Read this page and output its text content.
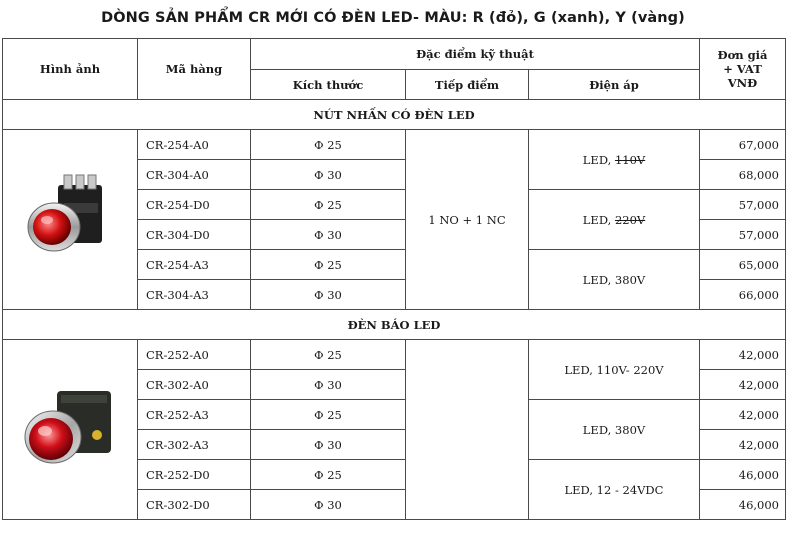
DÒNG SẢN PHẨM CR MỚI CÓ ĐÈN LED- MÀU: R (đỏ), G (xanh), Y (vàng)
Hình ảnh	Mã hàng	Đặc điểm kỹ thuật			Đơn giá
+ VAT
VNĐ

		Kích thước	Tiếp điểm	Điện áp	
NÚT NHẤN CÓ ĐÈN LED					
	CR-254-A0	Φ 25	1 NO + 1 NC	LED, 110V	67,000
	CR-304-A0	Φ 30			68,000
	CR-254-D0	Φ 25		LED, 220V	57,000
	CR-304-D0	Φ 30			57,000
	CR-254-A3	Φ 25		LED, 380V	65,000
	CR-304-A3	Φ 30			66,000
ĐÈN BÁO LED					
	CR-252-A0	Φ 25		LED, 110V- 220V	42,000
	CR-302-A0	Φ 30			42,000
	CR-252-A3	Φ 25		LED, 380V	42,000
	CR-302-A3	Φ 30			42,000
	CR-252-D0	Φ 25		LED, 12 - 24VDC	46,000
	CR-302-D0	Φ 30			46,000
